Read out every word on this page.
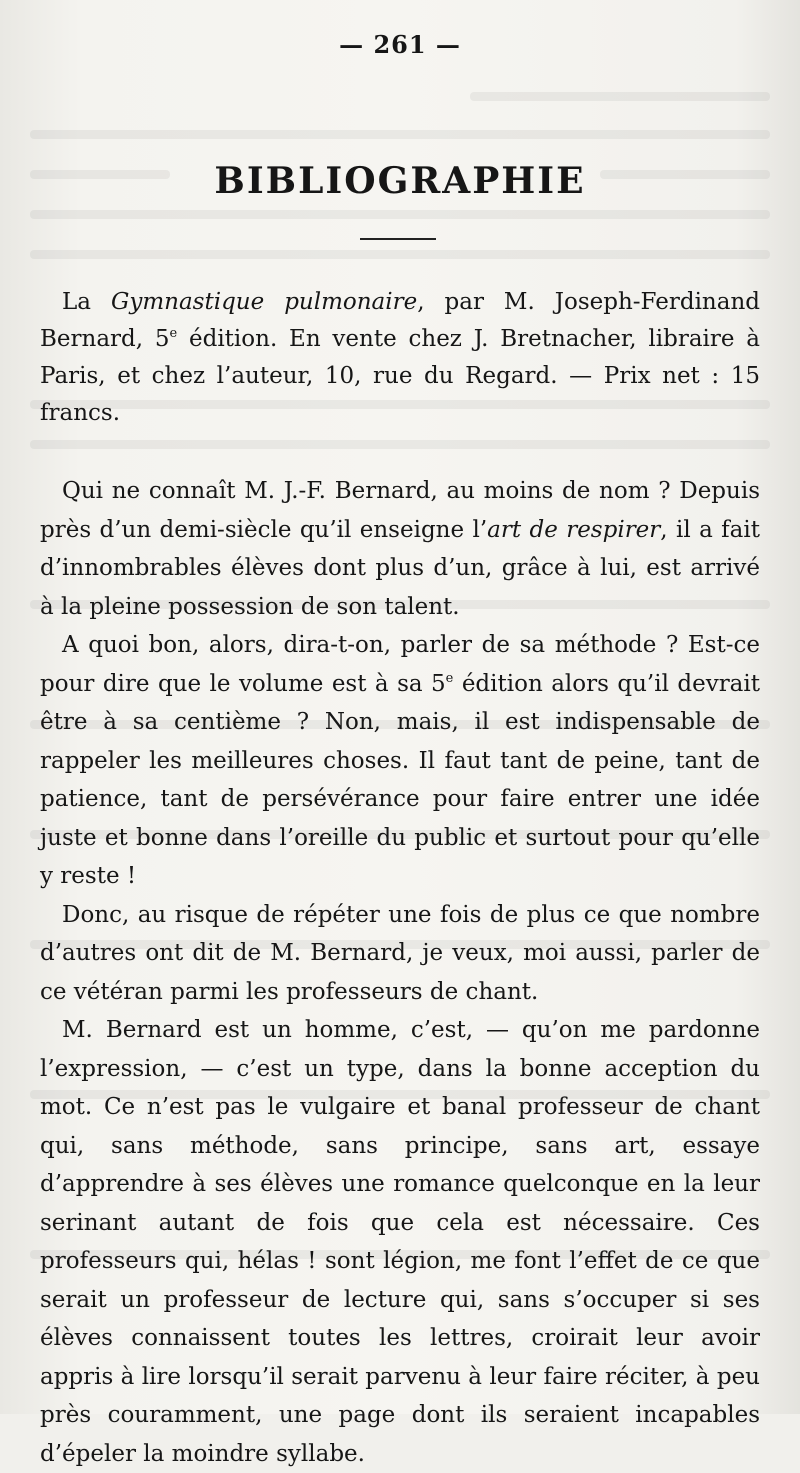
— 261 —
BIBLIOGRAPHIE

La Gymnastique pulmonaire, par M. Joseph-Ferdinand Bernard, 5e édition. En vente chez J. Bretnacher, libraire à Paris, et chez l’auteur, 10, rue du Regard. — Prix net : 15 francs.

Qui ne connaît M. J.-F. Bernard, au moins de nom ? Depuis près d’un demi-siècle qu’il enseigne l’art de respirer, il a fait d’innombrables élèves dont plus d’un, grâce à lui, est arrivé à la pleine possession de son talent.

A quoi bon, alors, dira-t-on, parler de sa méthode ? Est-ce pour dire que le volume est à sa 5e édition alors qu’il devrait être à sa centième ? Non, mais, il est indispensable de rappeler les meilleures choses. Il faut tant de peine, tant de patience, tant de persévérance pour faire entrer une idée juste et bonne dans l’oreille du public et surtout pour qu’elle y reste !

Donc, au risque de répéter une fois de plus ce que nombre d’autres ont dit de M. Bernard, je veux, moi aussi, parler de ce vétéran parmi les professeurs de chant.

M. Bernard est un homme, c’est, — qu’on me pardonne l’expression, — c’est un type, dans la bonne acception du mot. Ce n’est pas le vulgaire et banal professeur de chant qui, sans méthode, sans principe, sans art, essaye d’apprendre à ses élèves une romance quelconque en la leur serinant autant de fois que cela est nécessaire. Ces professeurs qui, hélas ! sont légion, me font l’effet de ce que serait un professeur de lecture qui, sans s’occuper si ses élèves connaissent toutes les lettres, croirait leur avoir appris à lire lorsqu’il serait parvenu à leur faire réciter, à peu près couramment, une page dont ils seraient incapables d’épeler la moindre syllabe.
